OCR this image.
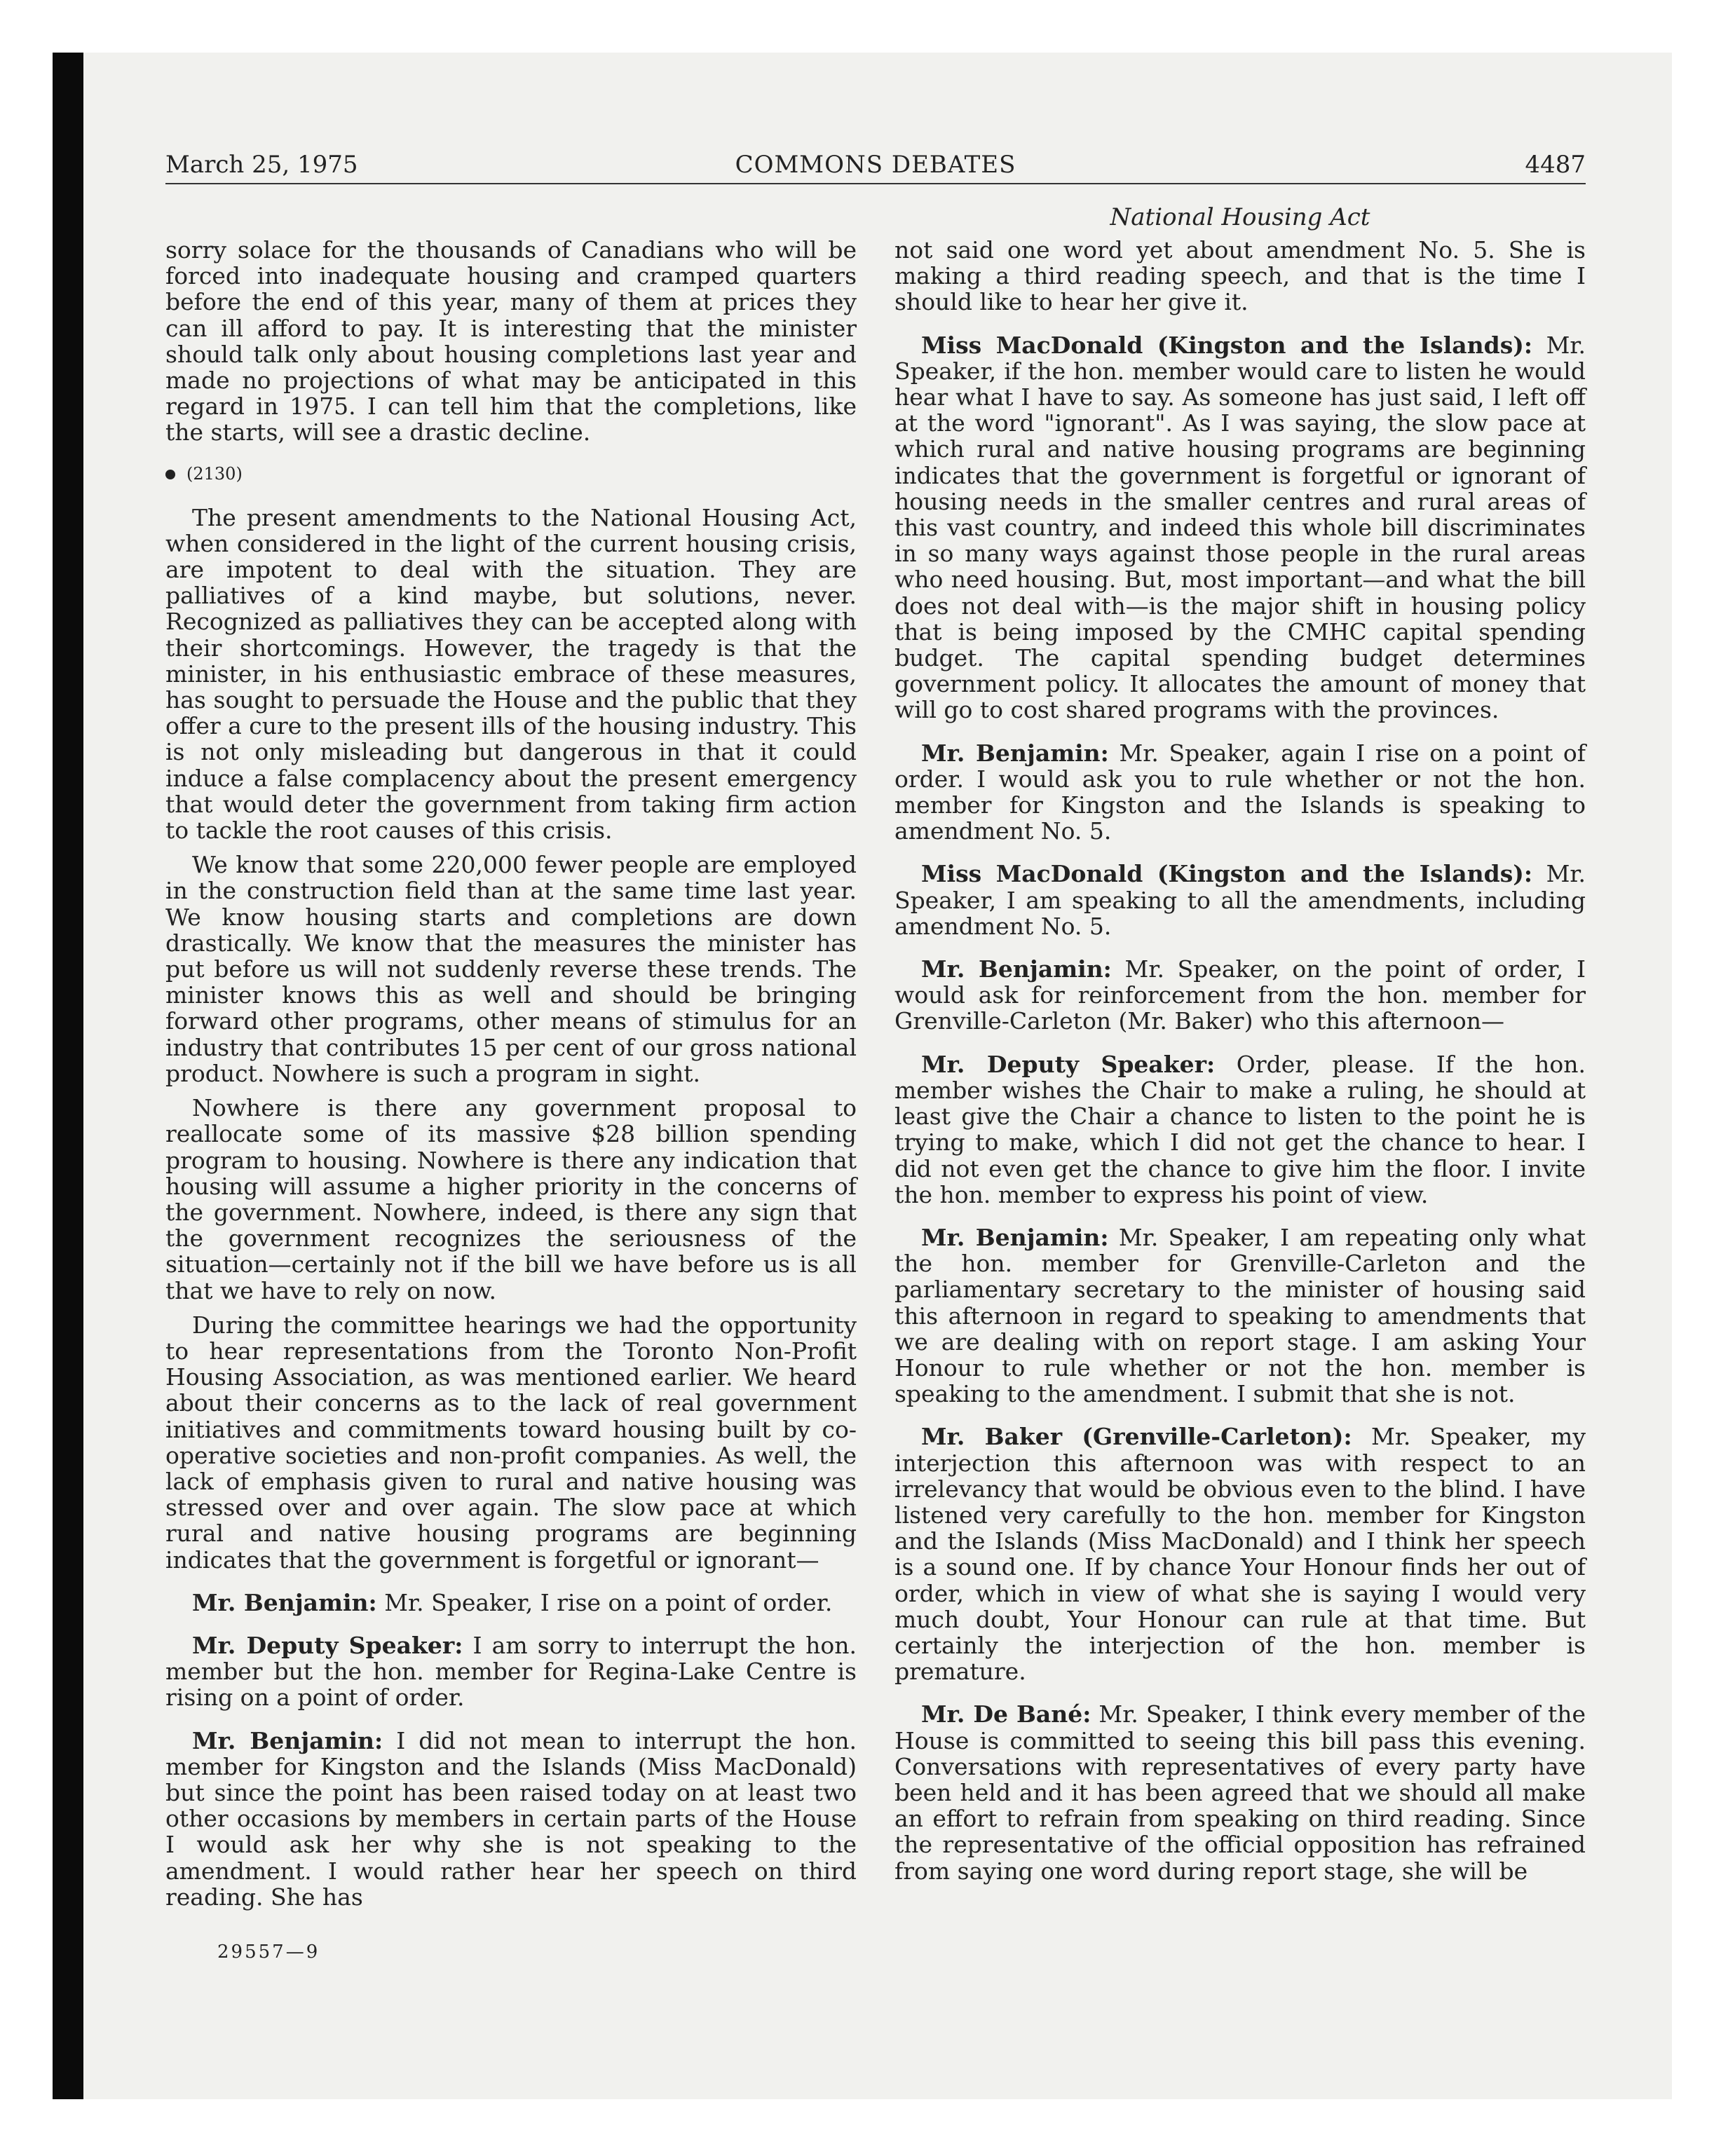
March 25, 1975	COMMONS DEBATES	4487
National Housing Act

sorry solace for the thousands of Canadians who will be forced into inadequate housing and cramped quarters before the end of this year, many of them at prices they can ill afford to pay. It is interesting that the minister should talk only about housing completions last year and made no projections of what may be anticipated in this regard in 1975. I can tell him that the completions, like the starts, will see a drastic decline.

(2130)

The present amendments to the National Housing Act, when considered in the light of the current housing crisis, are impotent to deal with the situation. They are palliatives of a kind maybe, but solutions, never. Recognized as palliatives they can be accepted along with their shortcomings. However, the tragedy is that the minister, in his enthusiastic embrace of these measures, has sought to persuade the House and the public that they offer a cure to the present ills of the housing industry. This is not only misleading but dangerous in that it could induce a false complacency about the present emergency that would deter the government from taking firm action to tackle the root causes of this crisis.

We know that some 220,000 fewer people are employed in the construction field than at the same time last year. We know housing starts and completions are down drastically. We know that the measures the minister has put before us will not suddenly reverse these trends. The minister knows this as well and should be bringing forward other programs, other means of stimulus for an industry that contributes 15 per cent of our gross national product. Nowhere is such a program in sight.

Nowhere is there any government proposal to reallocate some of its massive $28 billion spending program to housing. Nowhere is there any indication that housing will assume a higher priority in the concerns of the government. Nowhere, indeed, is there any sign that the government recognizes the seriousness of the situation—certainly not if the bill we have before us is all that we have to rely on now.

During the committee hearings we had the opportunity to hear representations from the Toronto Non-Profit Housing Association, as was mentioned earlier. We heard about their concerns as to the lack of real government initiatives and commitments toward housing built by co-operative societies and non-profit companies. As well, the lack of emphasis given to rural and native housing was stressed over and over again. The slow pace at which rural and native housing programs are beginning indicates that the government is forgetful or ignorant—

Mr. Benjamin: Mr. Speaker, I rise on a point of order.

Mr. Deputy Speaker: I am sorry to interrupt the hon. member but the hon. member for Regina-Lake Centre is rising on a point of order.

Mr. Benjamin: I did not mean to interrupt the hon. member for Kingston and the Islands (Miss MacDonald) but since the point has been raised today on at least two other occasions by members in certain parts of the House I would ask her why she is not speaking to the amendment. I would rather hear her speech on third reading. She has

not said one word yet about amendment No. 5. She is making a third reading speech, and that is the time I should like to hear her give it.

Miss MacDonald (Kingston and the Islands): Mr. Speaker, if the hon. member would care to listen he would hear what I have to say. As someone has just said, I left off at the word "ignorant". As I was saying, the slow pace at which rural and native housing programs are beginning indicates that the government is forgetful or ignorant of housing needs in the smaller centres and rural areas of this vast country, and indeed this whole bill discriminates in so many ways against those people in the rural areas who need housing. But, most important—and what the bill does not deal with—is the major shift in housing policy that is being imposed by the CMHC capital spending budget. The capital spending budget determines government policy. It allocates the amount of money that will go to cost shared programs with the provinces.

Mr. Benjamin: Mr. Speaker, again I rise on a point of order. I would ask you to rule whether or not the hon. member for Kingston and the Islands is speaking to amendment No. 5.

Miss MacDonald (Kingston and the Islands): Mr. Speaker, I am speaking to all the amendments, including amendment No. 5.

Mr. Benjamin: Mr. Speaker, on the point of order, I would ask for reinforcement from the hon. member for Grenville-Carleton (Mr. Baker) who this afternoon—

Mr. Deputy Speaker: Order, please. If the hon. member wishes the Chair to make a ruling, he should at least give the Chair a chance to listen to the point he is trying to make, which I did not get the chance to hear. I did not even get the chance to give him the floor. I invite the hon. member to express his point of view.

Mr. Benjamin: Mr. Speaker, I am repeating only what the hon. member for Grenville-Carleton and the parliamentary secretary to the minister of housing said this afternoon in regard to speaking to amendments that we are dealing with on report stage. I am asking Your Honour to rule whether or not the hon. member is speaking to the amendment. I submit that she is not.

Mr. Baker (Grenville-Carleton): Mr. Speaker, my interjection this afternoon was with respect to an irrelevancy that would be obvious even to the blind. I have listened very carefully to the hon. member for Kingston and the Islands (Miss MacDonald) and I think her speech is a sound one. If by chance Your Honour finds her out of order, which in view of what she is saying I would very much doubt, Your Honour can rule at that time. But certainly the interjection of the hon. member is premature.

Mr. De Bané: Mr. Speaker, I think every member of the House is committed to seeing this bill pass this evening. Conversations with representatives of every party have been held and it has been agreed that we should all make an effort to refrain from speaking on third reading. Since the representative of the official opposition has refrained from saying one word during report stage, she will be

29557—9
